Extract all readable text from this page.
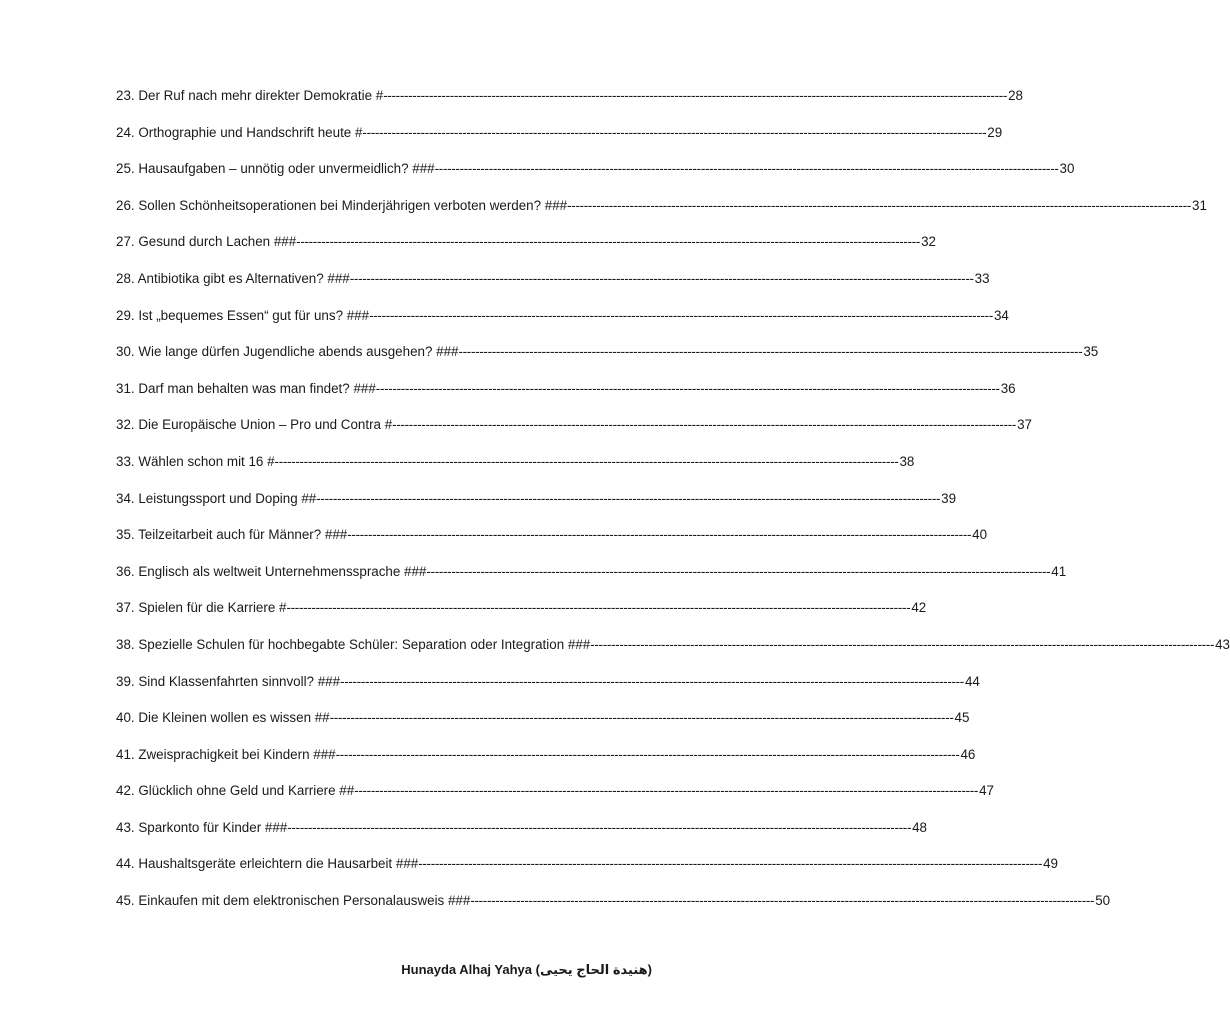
23. Der Ruf nach mehr direkter Demokratie # ------------------------------------------------------------------------------------------------------------------------------------------------------ 28
24. Orthographie und Handschrift heute # ------------------------------------------------------------------------------------------------------------------------------------------------------ 29
25. Hausaufgaben – unnötig oder unvermeidlich? ### ------------------------------------------------------------------------------------------------------------------------------------------------------ 30
26. Sollen Schönheitsoperationen bei Minderjährigen verboten werden? ### ------------------------------------------------------------------------------------------------------------------------------------------------------ 31
27. Gesund durch Lachen ### ------------------------------------------------------------------------------------------------------------------------------------------------------ 32
28. Antibiotika gibt es Alternativen? ### ------------------------------------------------------------------------------------------------------------------------------------------------------ 33
29. Ist „bequemes Essen“ gut für uns? ### ------------------------------------------------------------------------------------------------------------------------------------------------------ 34
30. Wie lange dürfen Jugendliche abends ausgehen? ### ------------------------------------------------------------------------------------------------------------------------------------------------------ 35
31. Darf man behalten was man findet? ### ------------------------------------------------------------------------------------------------------------------------------------------------------ 36
32. Die Europäische Union – Pro und Contra # ------------------------------------------------------------------------------------------------------------------------------------------------------ 37
33. Wählen schon mit 16 # ------------------------------------------------------------------------------------------------------------------------------------------------------ 38
34. Leistungssport und Doping ## ------------------------------------------------------------------------------------------------------------------------------------------------------ 39
35. Teilzeitarbeit auch für Männer? ### ------------------------------------------------------------------------------------------------------------------------------------------------------ 40
36. Englisch als weltweit Unternehmenssprache ### ------------------------------------------------------------------------------------------------------------------------------------------------------ 41
37. Spielen für die Karriere # ------------------------------------------------------------------------------------------------------------------------------------------------------ 42
38. Spezielle Schulen für hochbegabte Schüler: Separation oder Integration ### ------------------------------------------------------------------------------------------------------------------------------------------------------ 43
39. Sind Klassenfahrten sinnvoll? ### ------------------------------------------------------------------------------------------------------------------------------------------------------ 44
40. Die Kleinen wollen es wissen ## ------------------------------------------------------------------------------------------------------------------------------------------------------ 45
41. Zweisprachigkeit bei Kindern ### ------------------------------------------------------------------------------------------------------------------------------------------------------ 46
42. Glücklich ohne Geld und Karriere ## ------------------------------------------------------------------------------------------------------------------------------------------------------ 47
43. Sparkonto für Kinder ### ------------------------------------------------------------------------------------------------------------------------------------------------------ 48
44. Haushaltsgeräte erleichtern die Hausarbeit ### ------------------------------------------------------------------------------------------------------------------------------------------------------ 49
45. Einkaufen mit dem elektronischen Personalausweis ### ------------------------------------------------------------------------------------------------------------------------------------------------------ 50
Hunayda Alhaj Yahya (هنيدة الحاج يحيى)
